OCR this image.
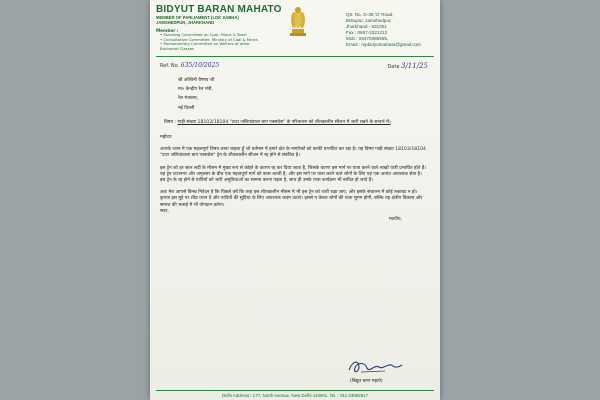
BIDYUT BARAN MAHATO
MEMBER OF PARLIAMENT (LOK SABHA)
JAMSHEDPUR, JHARKHAND
Member :
• Standing Committee on Coal, Mines & Steel
• Consultative Committee, Ministry of Coal & Mines
• Parliamentary Committee on Welfare of other
Backward Classes
Qtr. No. G-39,'O' Road,
Bistupur, Jamshedpur,
Jharkhand - 831001
Fax : 0657-2321212
Mob : 09470386555,
Email : mpbidyutmahato@gmail.com
Ref. No. 635/10/2025	Date 3/11/25
श्री अश्विनी वैष्णव जी
मा० केन्द्रीय रेल मंत्री,
रेल मंत्रालय,
नई दिल्ली
विषय : गाड़ी संख्या 18103/18104 "टाटा जलियांवाला बाग एक्सप्रेस" के परिचालन को शीतकालीन सीजन में जारी रखने के सन्दर्भ में।
महोदय
आपके ध्यान में एक महत्वपूर्ण विषय लाना चाहता हूँ जो वर्तमान में हमारे क्षेत्र के नागरिकों को काफी प्रभावित कर रहा है। यह विषय गाड़ी संख्या 18103/18104 "टाटा जलियांवाला बाग एक्सप्रेस" ट्रेन के शीतकालीन सीजन में रद्द होने से संबंधित है।
इस ट्रेन को हर साल सर्दी के मौसम में मुख्य रूप से कोहरे के कारण रद्द कर दिया जाता है, जिसके कारण इस मार्ग पर यात्रा करने वाले लाखों यात्री प्रभावित होते हैं। यह ट्रेन टाटानगर और अमृतसर के बीच एक महत्वपूर्ण मार्ग को कवर करती है, और इस मार्ग पर यात्रा करने वाले लोगों के लिए यह एक अत्यंत आवश्यक सेवा है। इस ट्रेन के रद्द होने से यात्रियों को भारी असुविधाओं का सामना करना पड़ता है, साथ ही उनके यात्रा कार्यक्रम भी बाधित हो जाते हैं।
अतः मेरा आपसे विनम्र निवेदन है कि पिछले वर्ष कि तरह इस शीतकालीन मौसम में भी इस ट्रेन को जारी रखा जाए, और इसके संचालन में कोई रुकावट न हो। कृपया इस मुद्दे पर शीघ्र ध्यान दें और यात्रियों की सुविधा के लिए आवश्यक कदम उठाएं। इससे न केवल लोगों की यात्रा सुगम होगी, बल्कि यह क्षेत्रीय विकास और समाज की भलाई में भी योगदान करेगा।
सदर,
भवदीय,
(बिद्युत बरण महतो)
Delhi Address : 177, North Avenue, New Delhi-110001. Tel. : 011-23092517
